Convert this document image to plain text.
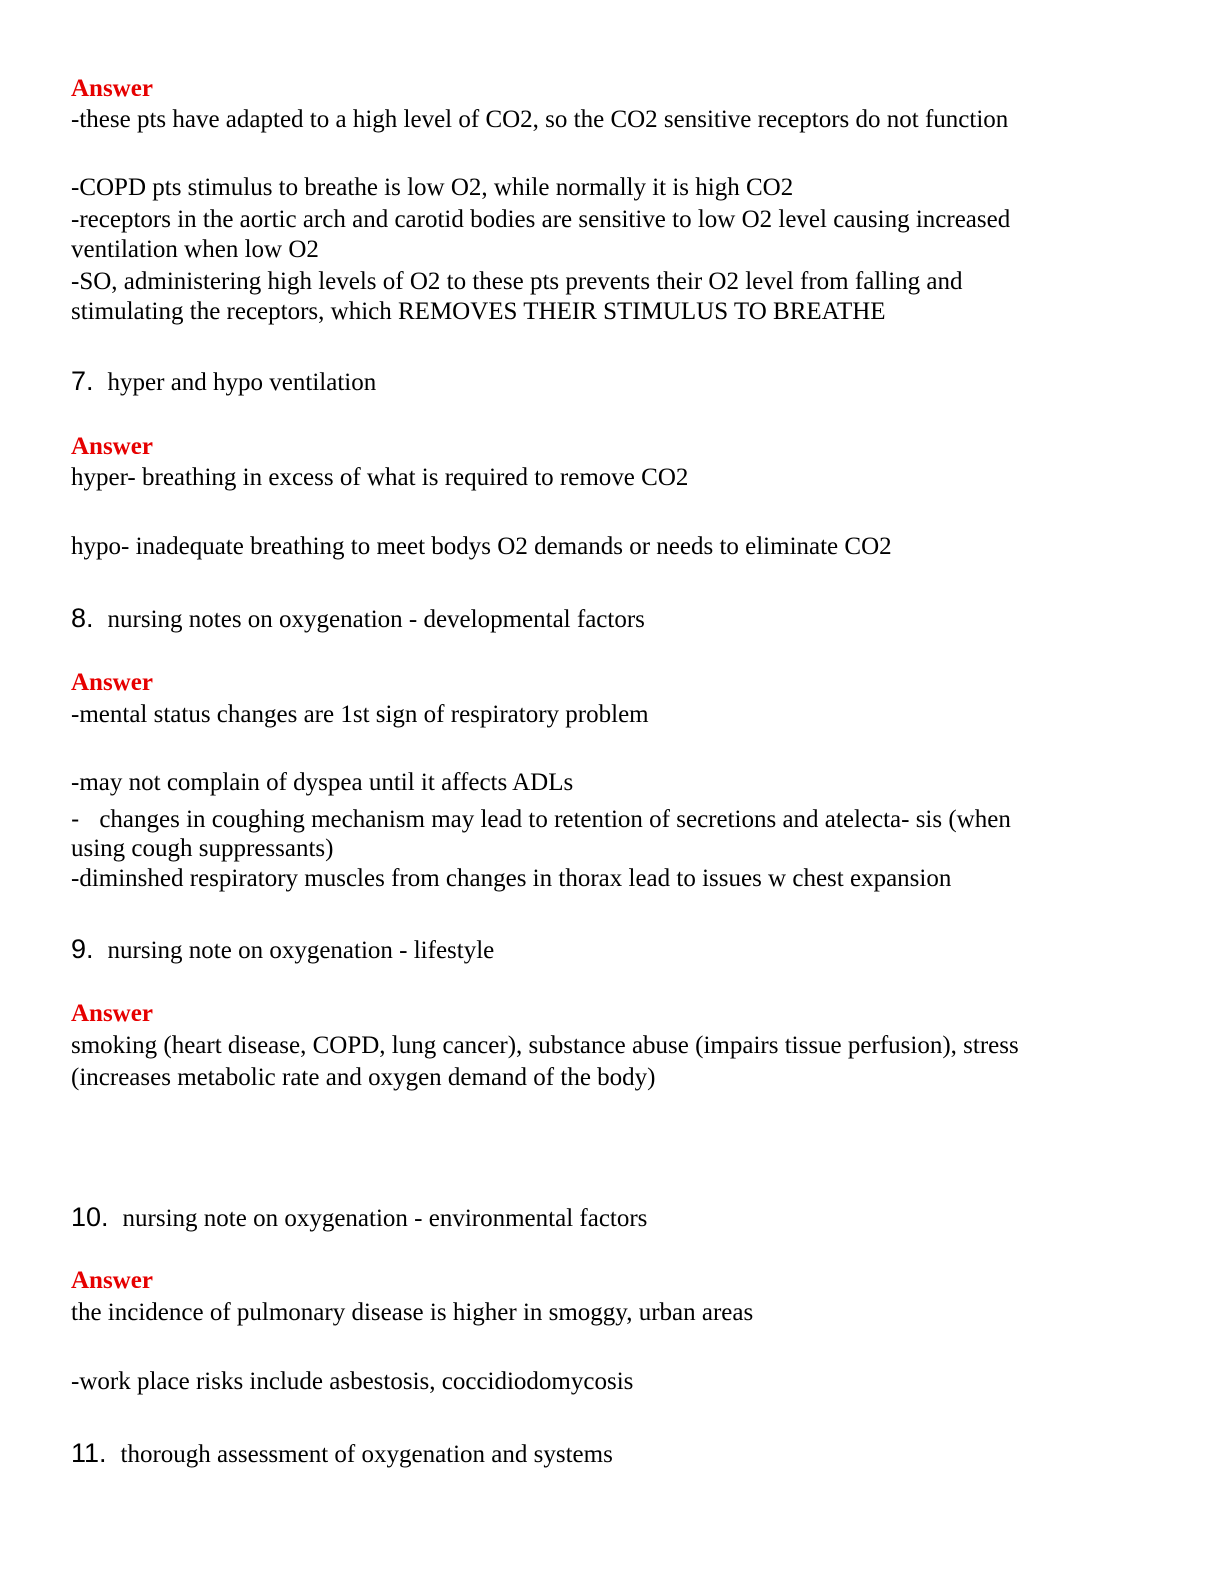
Answer
-these pts have adapted to a high level of CO2, so the CO2 sensitive receptors do not function
-COPD pts stimulus to breathe is low O2, while normally it is high CO2
-receptors in the aortic arch and carotid bodies are sensitive to low O2 level causing increased
ventilation when low O2
-SO, administering high levels of O2 to these pts prevents their O2 level from falling and
stimulating the receptors, which REMOVES THEIR STIMULUS TO BREATHE
7. hyper and hypo ventilation
Answer
hyper- breathing in excess of what is required to remove CO2
hypo- inadequate breathing to meet bodys O2 demands or needs to eliminate CO2
8. nursing notes on oxygenation - developmental factors
Answer
-mental status changes are 1st sign of respiratory problem
-may not complain of dyspea until it affects ADLs
- changes in coughing mechanism may lead to retention of secretions and atelecta- sis (when
using cough suppressants)
-diminshed respiratory muscles from changes in thorax lead to issues w chest expansion
9. nursing note on oxygenation - lifestyle
Answer
smoking (heart disease, COPD, lung cancer), substance abuse (impairs tissue perfusion), stress
(increases metabolic rate and oxygen demand of the body)
10. nursing note on oxygenation - environmental factors
Answer
the incidence of pulmonary disease is higher in smoggy, urban areas
-work place risks include asbestosis, coccidiodomycosis
11. thorough assessment of oxygenation and systems
